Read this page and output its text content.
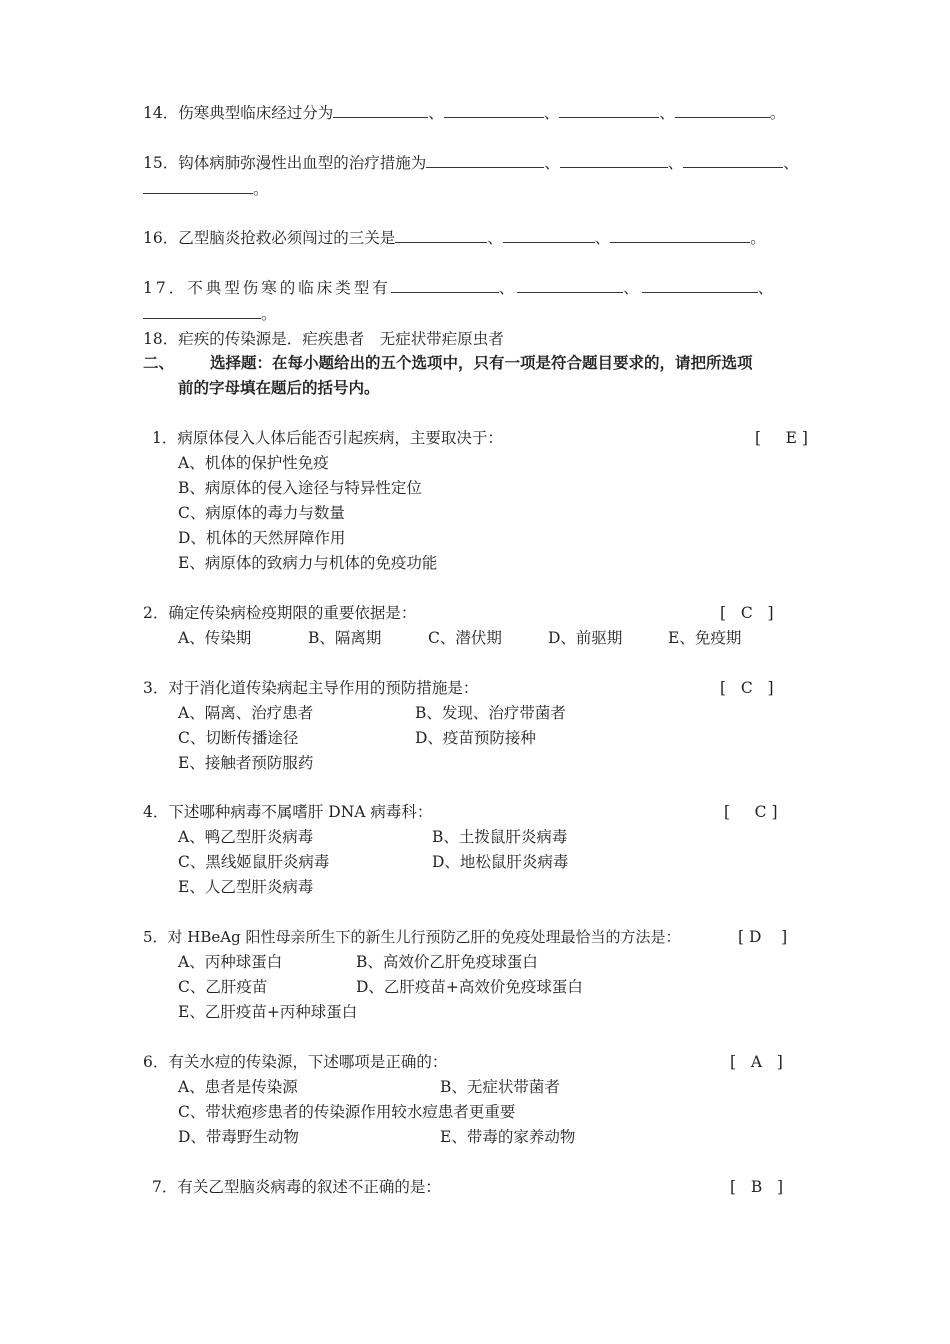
14．伤寒典型临床经过分为	、	、	、	。
15．钩体病肺弥漫性出血型的治疗措施为	、	、	、
。
16．乙型脑炎抢救必须闯过的三关是	、	、	。
17．不典型伤寒的临床类型有	、	、	、
。
18．疟疾的传染源是．疟疾患者　无症状带疟原虫者
二、 选择题：在每小题给出的五个选项中，只有一项是符合题目要求的，请把所选项
前的字母填在题后的括号内。
1．病原体侵入人体后能否引起疾病，主要取决于：	[     E ]
A、机体的保护性免疫
B、病原体的侵入途径与特异性定位
C、病原体的毒力与数量
D、机体的天然屏障作用
E、病原体的致病力与机体的免疫功能
2．确定传染病检疫期限的重要依据是：	[   C   ]
A、传染期	B、隔离期	C、潜伏期	D、前驱期	E、免疫期
3．对于消化道传染病起主导作用的预防措施是：	[   C   ]
A、隔离、治疗患者	B、发现、治疗带菌者
C、切断传播途径	D、疫苗预防接种
E、接触者预防服药
4．下述哪种病毒不属嗜肝 DNA 病毒科：	[     C ]
A、鸭乙型肝炎病毒	B、土拨鼠肝炎病毒
C、黑线姬鼠肝炎病毒	D、地松鼠肝炎病毒
E、人乙型肝炎病毒
5．对 HBeAg 阳性母亲所生下的新生儿行预防乙肝的免疫处理最恰当的方法是：	[ D    ]
A、丙种球蛋白	B、高效价乙肝免疫球蛋白
C、乙肝疫苗	D、乙肝疫苗+高效价免疫球蛋白
E、乙肝疫苗+丙种球蛋白
6．有关水痘的传染源，下述哪项是正确的：	[   A   ]
A、患者是传染源	B、无症状带菌者
C、带状疱疹患者的传染源作用较水痘患者更重要
D、带毒野生动物	E、带毒的家养动物
7．有关乙型脑炎病毒的叙述不正确的是：	[   B   ]
